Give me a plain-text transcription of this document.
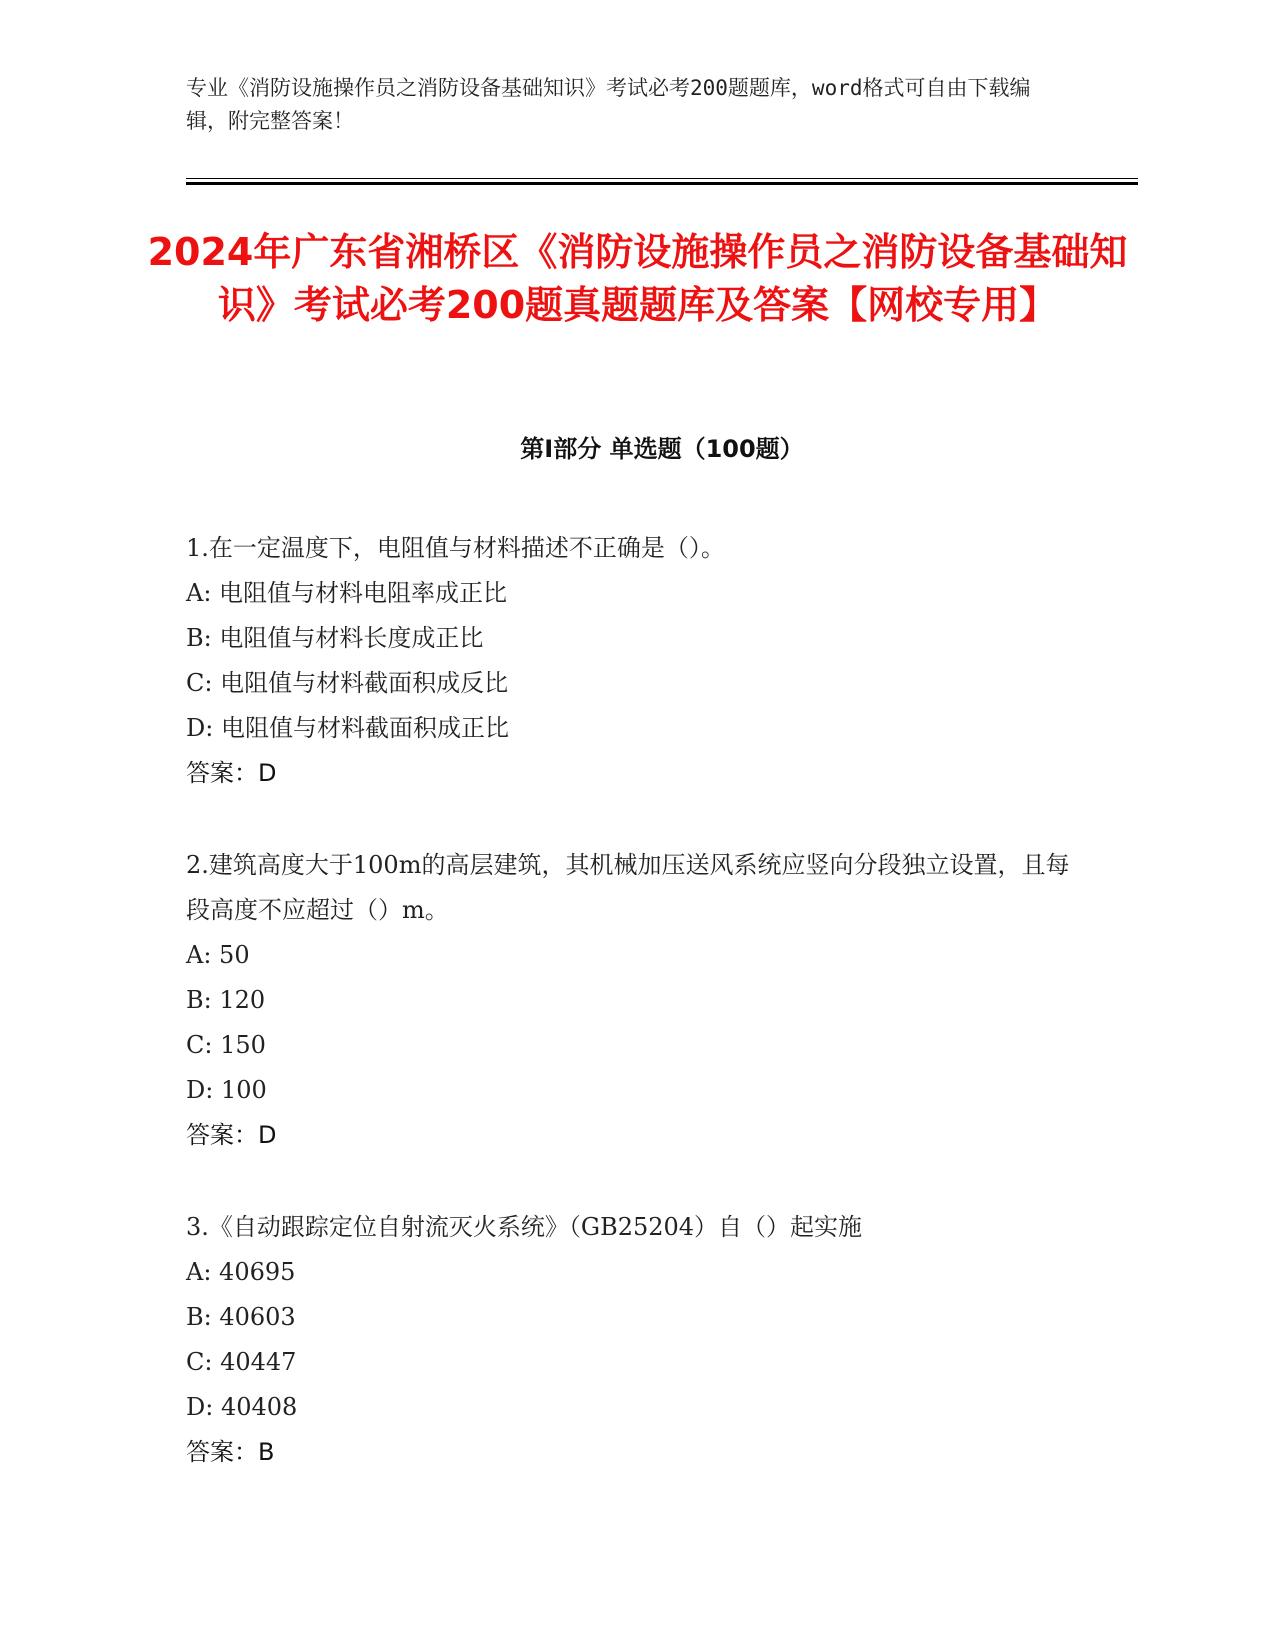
专业《消防设施操作员之消防设备基础知识》考试必考200题题库，word格式可自由下载编辑，附完整答案！

2024年广东省湘桥区《消防设施操作员之消防设备基础知识》考试必考200题真题题库及答案【网校专用】
第I部分 单选题（100题）

1.在一定温度下，电阻值与材料描述不正确是（）。

A: 电阻值与材料电阻率成正比

B: 电阻值与材料长度成正比

C: 电阻值与材料截面积成反比

D: 电阻值与材料截面积成正比

答案：D

2.建筑高度大于100m的高层建筑，其机械加压送风系统应竖向分段独立设置，且每段高度不应超过（）m。

A: 50

B: 120

C: 150

D: 100

答案：D

3.《自动跟踪定位自射流灭火系统》（GB25204）自（）起实施

A: 40695

B: 40603

C: 40447

D: 40408

答案：B
